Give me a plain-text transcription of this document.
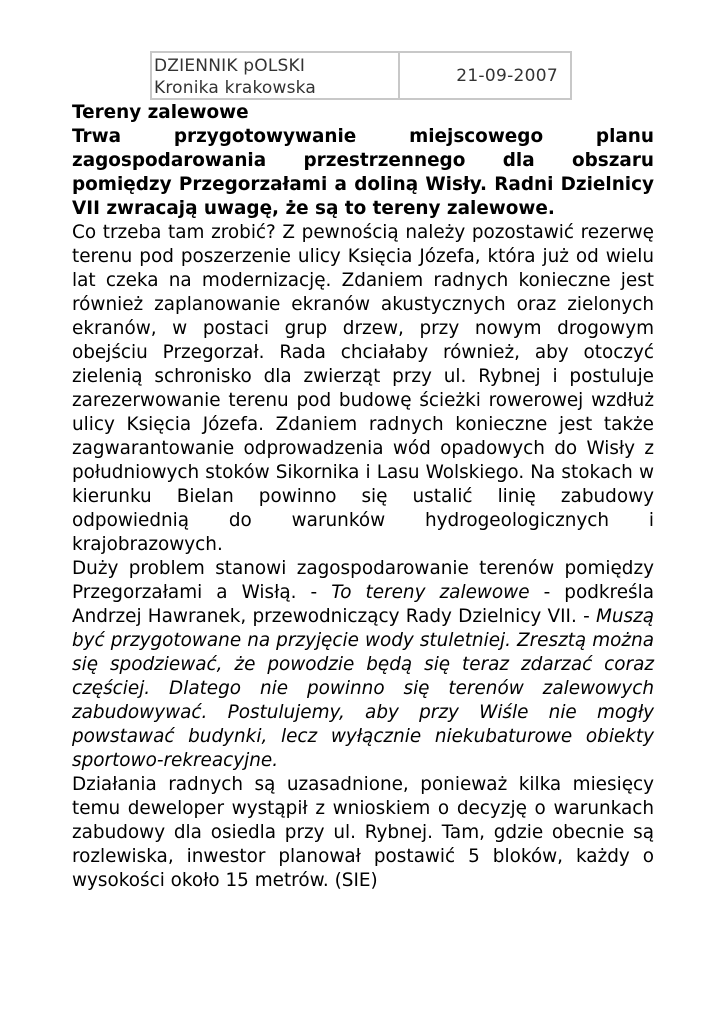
DZIENNIK pOLSKI
Kronika krakowska
21-09-2007

Tereny zalewowe

Trwa przygotowywanie miejscowego planu zagospodarowania przestrzennego dla obszaru pomiędzy Przegorzałami a doliną Wisły. Radni Dzielnicy VII zwracają uwagę, że są to tereny zalewowe.

Co trzeba tam zrobić? Z pewnością należy pozostawić rezerwę terenu pod poszerzenie ulicy Księcia Józefa, która już od wielu lat czeka na modernizację. Zdaniem radnych konieczne jest również zaplanowanie ekranów akustycznych oraz zielonych ekranów, w postaci grup drzew, przy nowym drogowym obejściu Przegorzał. Rada chciałaby również, aby otoczyć zielenią schronisko dla zwierząt przy ul. Rybnej i postuluje zarezerwowanie terenu pod budowę ścieżki rowerowej wzdłuż ulicy Księcia Józefa. Zdaniem radnych konieczne jest także zagwarantowanie odprowadzenia wód opadowych do Wisły z południowych stoków Sikornika i Lasu Wolskiego. Na stokach w kierunku Bielan powinno się ustalić linię zabudowy odpowiednią do warunków hydrogeologicznych i krajobrazowych.

Duży problem stanowi zagospodarowanie terenów pomiędzy Przegorzałami a Wisłą. - To tereny zalewowe - podkreśla Andrzej Hawranek, przewodniczący Rady Dzielnicy VII. - Muszą być przygotowane na przyjęcie wody stuletniej. Zresztą można się spodziewać, że powodzie będą się teraz zdarzać coraz częściej. Dlatego nie powinno się terenów zalewowych zabudowywać. Postulujemy, aby przy Wiśle nie mogły powstawać budynki, lecz wyłącznie niekubaturowe obiekty sportowo-rekreacyjne.

Działania radnych są uzasadnione, ponieważ kilka miesięcy temu deweloper wystąpił z wnioskiem o decyzję o warunkach zabudowy dla osiedla przy ul. Rybnej. Tam, gdzie obecnie są rozlewiska, inwestor planował postawić 5 bloków, każdy o wysokości około 15 metrów. (SIE)
